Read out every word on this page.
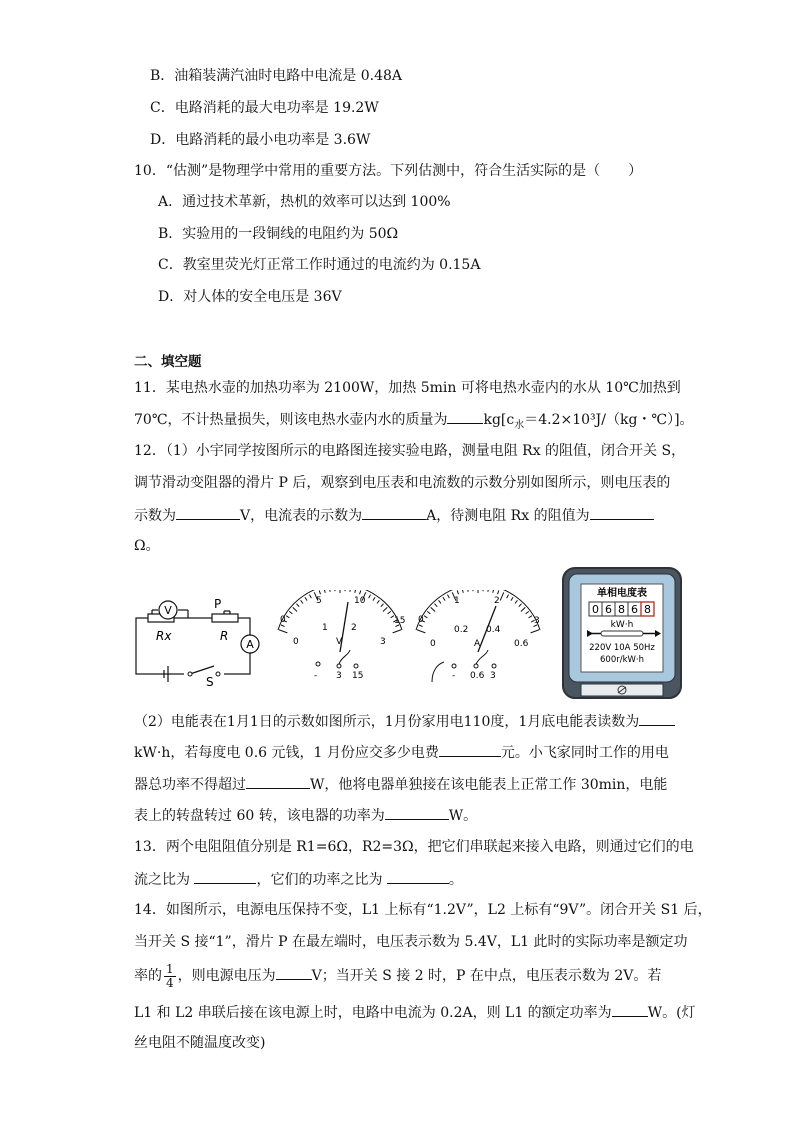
B．油箱装满汽油时电路中电流是 0.48A
C．电路消耗的最大电功率是 19.2W
D．电路消耗的最小电功率是 3.6W
10．“估测”是物理学中常用的重要方法。下列估测中，符合生活实际的是（　　）
A．通过技术革新，热机的效率可以达到 100%
B．实验用的一段铜线的电阻约为 50Ω
C．教室里荧光灯正常工作时通过的电流约为 0.15A
D．对人体的安全电压是 36V
二、填空题
11．某电热水壶的加热功率为 2100W，加热 5min 可将电热水壶内的水从 10℃加热到
70℃，不计热量损失，则该电热水壶内水的质量为	$kg[c_水=4.2\times 10^3J/(kg$・℃）]。
12．（1）小宇同学按图所示的电路图连接实验电路，测量电阻 Rx 的阻值，闭合开关 S，
调节滑动变阻器的滑片 P 后，观察到电压表和电流数的示数分别如图所示，则电压表的
示数为	V，电流表的示数为	A，待测电阻 Rx 的阻值为
Ω。
V
A
P
Rx	R
S
0
5	10
15
0
1	2
3
V
- 3 15
0
1	2
3
0
0.2 0.4
0.6
A
- 0.6 3
单相电度表
0 6 8 6 8
kW·h
220V 10A 50Hz
600r/kW·h
（2）电能表在1月1日的示数如图所示，1月份家用电110度，1月底电能表读数为
kW·h，若每度电 0.6 元钱，1 月份应交多少电费	元。小飞家同时工作的用电
器总功率不得超过	W，他将电器单独接在该电能表上正常工作 30min，电能
表上的转盘转过 60 转，该电器的功率为	W。
13．两个电阻阻值分别是 R1=6Ω，R2=3Ω，把它们串联起来接入电路，则通过它们的电
流之比为	，它们的功率之比为	。
14．如图所示，电源电压保持不变，L1 上标有“1.2V”，L2 上标有“9V”。闭合开关 S1 后，
当开关 S 接“1”，滑片 P 在最左端时，电压表示数为 5.4V，L1 此时的实际功率是额定功
率的 $\frac{1}{4}$ ，则电源电压为	V；当开关 S 接 2 时，P 在中点，电压表示数为 2V。若
L1 和 L2 串联后接在该电源上时，电路中电流为 0.2A，则 L1 的额定功率为	W。(灯
丝电阻不随温度改变)
